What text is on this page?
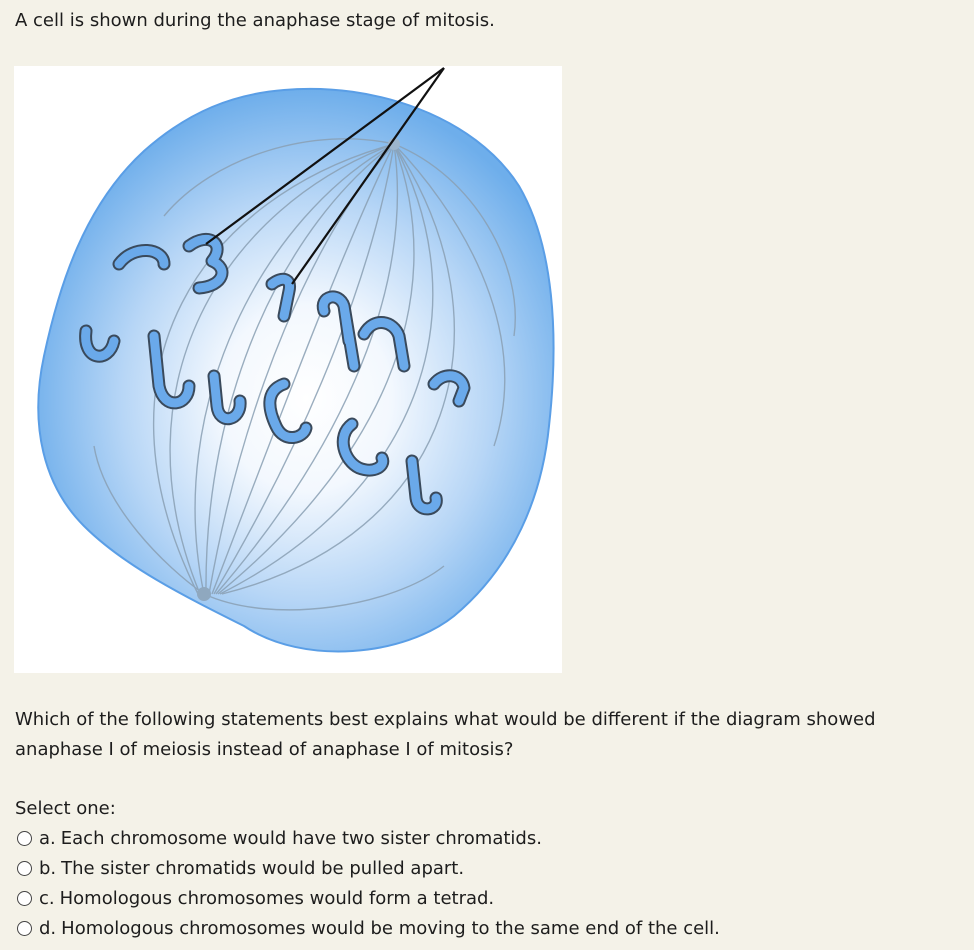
A cell is shown during the anaphase stage of mitosis.
Which of the following statements best explains what would be different if the diagram showed anaphase I of meiosis instead of anaphase I of mitosis?
Select one:
a. Each chromosome would have two sister chromatids.
b. The sister chromatids would be pulled apart.
c. Homologous chromosomes would form a tetrad.
d. Homologous chromosomes would be moving to the same end of the cell.
